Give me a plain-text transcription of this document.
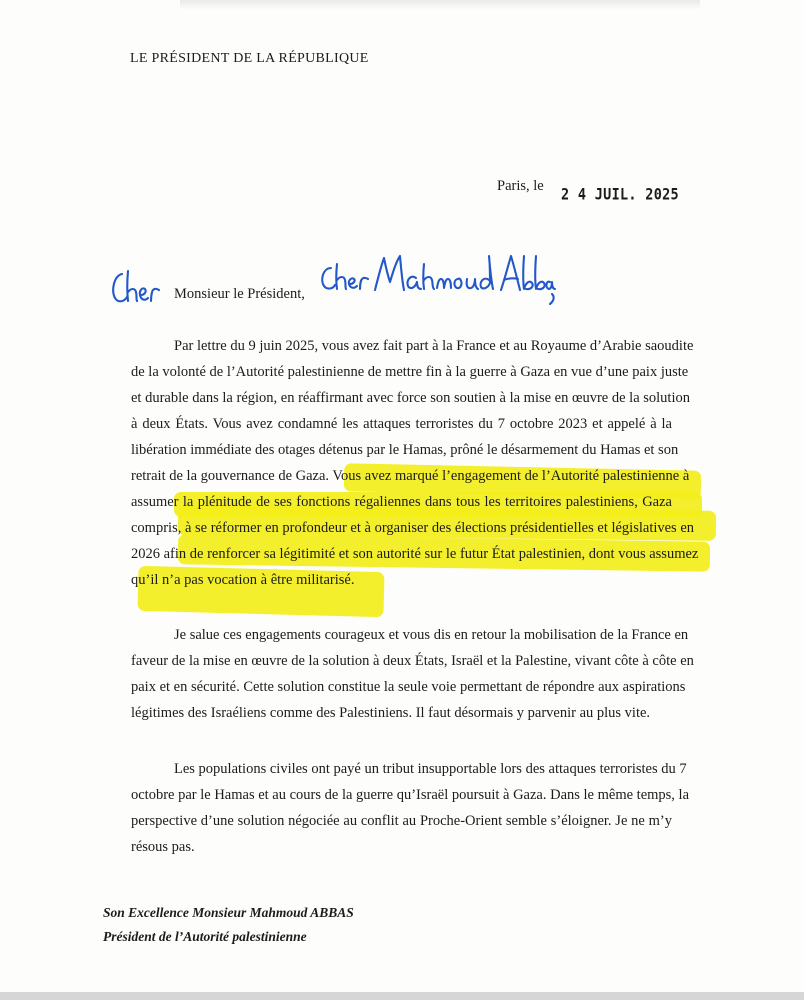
LE PRÉSIDENT DE LA RÉPUBLIQUE
Paris, le 2 4 JUIL. 2025
Monsieur le Président,
Par lettre du 9 juin 2025, vous avez fait part à la France et au Royaume d’Arabie saoudite
de la volonté de l’Autorité palestinienne de mettre fin à la guerre à Gaza en vue d’une paix juste
et durable dans la région, en réaffirmant avec force son soutien à la mise en œuvre de la solution
à deux États. Vous avez condamné les attaques terroristes du 7 octobre 2023 et appelé à la
libération immédiate des otages détenus par le Hamas, prôné le désarmement du Hamas et son
retrait de la gouvernance de Gaza. Vous avez marqué l’engagement de l’Autorité palestinienne à
assumer la plénitude de ses fonctions régaliennes dans tous les territoires palestiniens, Gaza
compris, à se réformer en profondeur et à organiser des élections présidentielles et législatives en
2026 afin de renforcer sa légitimité et son autorité sur le futur État palestinien, dont vous assumez
qu’il n’a pas vocation à être militarisé.
Je salue ces engagements courageux et vous dis en retour la mobilisation de la France en
faveur de la mise en œuvre de la solution à deux États, Israël et la Palestine, vivant côte à côte en
paix et en sécurité. Cette solution constitue la seule voie permettant de répondre aux aspirations
légitimes des Israéliens comme des Palestiniens. Il faut désormais y parvenir au plus vite.
Les populations civiles ont payé un tribut insupportable lors des attaques terroristes du 7
octobre par le Hamas et au cours de la guerre qu’Israël poursuit à Gaza. Dans le même temps, la
perspective d’une solution négociée au conflit au Proche-Orient semble s’éloigner. Je ne m’y
résous pas.
Son Excellence Monsieur Mahmoud ABBAS
Président de l’Autorité palestinienne
